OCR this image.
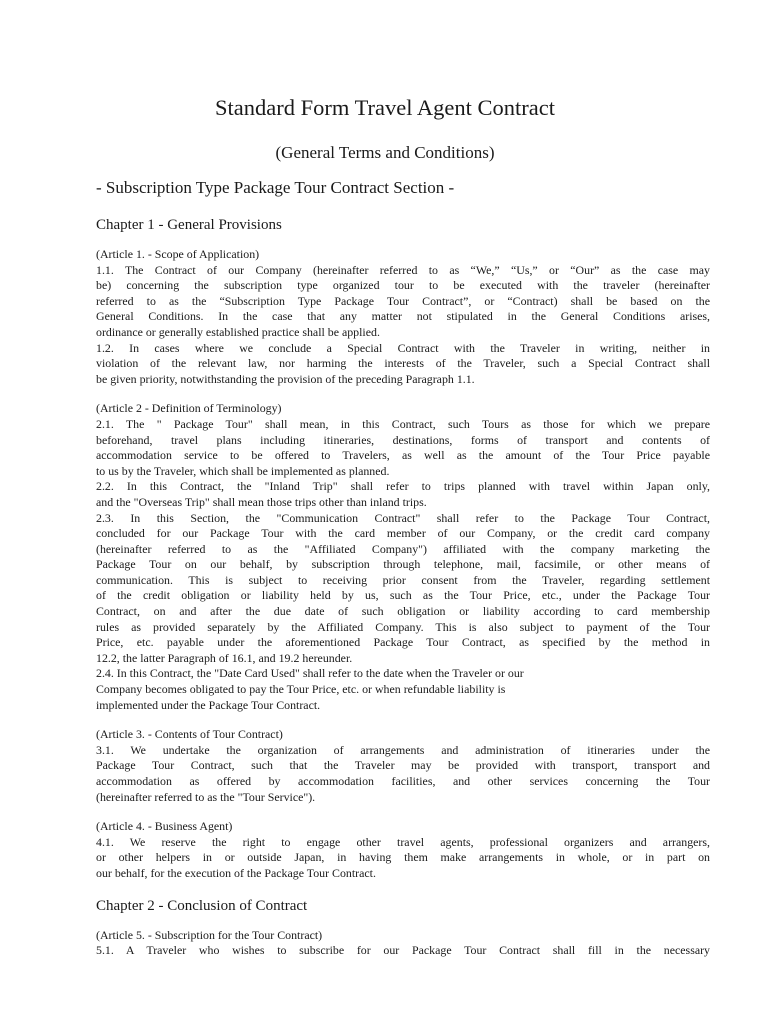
Standard Form Travel Agent Contract
(General Terms and Conditions)
- Subscription Type Package Tour Contract Section -
Chapter 1 - General Provisions
(Article 1. - Scope of Application)
1.1. The Contract of our Company (hereinafter referred to as “We,” “Us,” or “Our” as the case may
be) concerning the subscription type organized tour to be executed with the traveler (hereinafter
referred to as the “Subscription Type Package Tour Contract”, or “Contract) shall be based on the
General Conditions. In the case that any matter not stipulated in the General Conditions arises,
ordinance or generally established practice shall be applied.
1.2. In cases where we conclude a Special Contract with the Traveler in writing, neither in
violation of the relevant law, nor harming the interests of the Traveler, such a Special Contract shall
be given priority, notwithstanding the provision of the preceding Paragraph 1.1.
(Article 2 - Definition of Terminology)
2.1. The " Package Tour" shall mean, in this Contract, such Tours as those for which we prepare
beforehand, travel plans including itineraries, destinations, forms of transport and contents of
accommodation service to be offered to Travelers, as well as the amount of the Tour Price payable
to us by the Traveler, which shall be implemented as planned.
2.2. In this Contract, the "Inland Trip" shall refer to trips planned with travel within Japan only,
and the "Overseas Trip" shall mean those trips other than inland trips.
2.3. In this Section, the "Communication Contract" shall refer to the Package Tour Contract,
concluded for our Package Tour with the card member of our Company, or the credit card company
(hereinafter referred to as the "Affiliated Company") affiliated with the company marketing the
Package Tour on our behalf, by subscription through telephone, mail, facsimile, or other means of
communication. This is subject to receiving prior consent from the Traveler, regarding settlement
of the credit obligation or liability held by us, such as the Tour Price, etc., under the Package Tour
Contract, on and after the due date of such obligation or liability according to card membership
rules as provided separately by the Affiliated Company. This is also subject to payment of the Tour
Price, etc. payable under the aforementioned Package Tour Contract, as specified by the method in
12.2, the latter Paragraph of 16.1, and 19.2 hereunder.
2.4. In this Contract, the "Date Card Used" shall refer to the date when the Traveler or our
Company becomes obligated to pay the Tour Price, etc. or when refundable liability is
implemented under the Package Tour Contract.
(Article 3. - Contents of Tour Contract)
3.1. We undertake the organization of arrangements and administration of itineraries under the
Package Tour Contract, such that the Traveler may be provided with transport, transport and
accommodation as offered by accommodation facilities, and other services concerning the Tour
(hereinafter referred to as the "Tour Service").
(Article 4. - Business Agent)
4.1. We reserve the right to engage other travel agents, professional organizers and arrangers,
or other helpers in or outside Japan, in having them make arrangements in whole, or in part on
our behalf, for the execution of the Package Tour Contract.
Chapter 2 - Conclusion of Contract
(Article 5. - Subscription for the Tour Contract)
5.1. A Traveler who wishes to subscribe for our Package Tour Contract shall fill in the necessary
